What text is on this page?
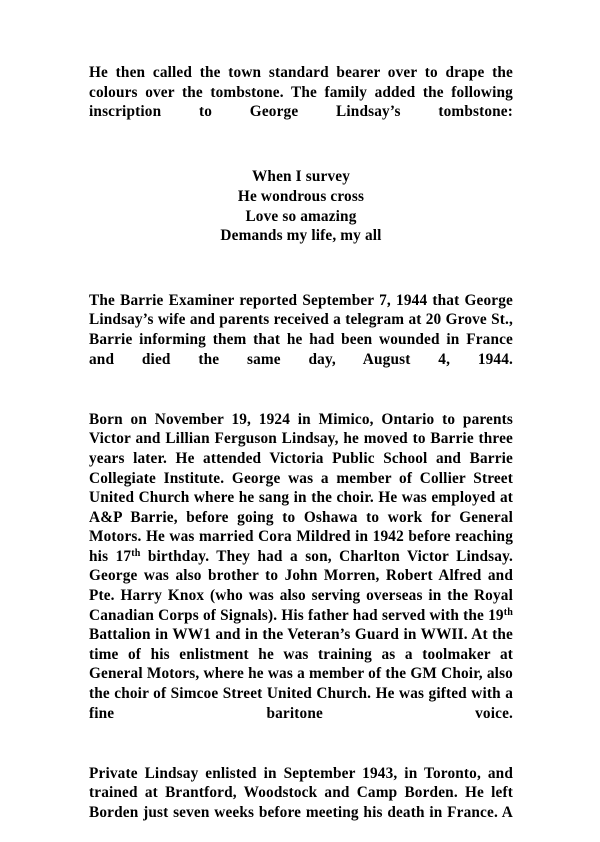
He then called the town standard bearer over to drape the colours over the tombstone. The family added the following inscription to George Lindsay’s tombstone:

When I survey

He wondrous cross

Love so amazing

Demands my life, my all

The Barrie Examiner reported September 7, 1944 that George Lindsay’s wife and parents received a telegram at 20 Grove St., Barrie informing them that he had been wounded in France and died the same day, August 4, 1944.

Born on November 19, 1924 in Mimico, Ontario to parents Victor and Lillian Ferguson Lindsay, he moved to Barrie three years later. He attended Victoria Public School and Barrie Collegiate Institute. George was a member of Collier Street United Church where he sang in the choir. He was employed at A&P Barrie, before going to Oshawa to work for General Motors. He was married Cora Mildred in 1942 before reaching his 17th birthday. They had a son, Charlton Victor Lindsay. George was also brother to John Morren, Robert Alfred and Pte. Harry Knox (who was also serving overseas in the Royal Canadian Corps of Signals). His father had served with the 19th Battalion in WW1 and in the Veteran’s Guard in WWII. At the time of his enlistment he was training as a toolmaker at General Motors, where he was a member of the GM Choir, also the choir of Simcoe Street United Church. He was gifted with a fine baritone voice.

Private Lindsay enlisted in September 1943, in Toronto, and trained at Brantford, Woodstock and Camp Borden. He left Borden just seven weeks before meeting his death in France. A
